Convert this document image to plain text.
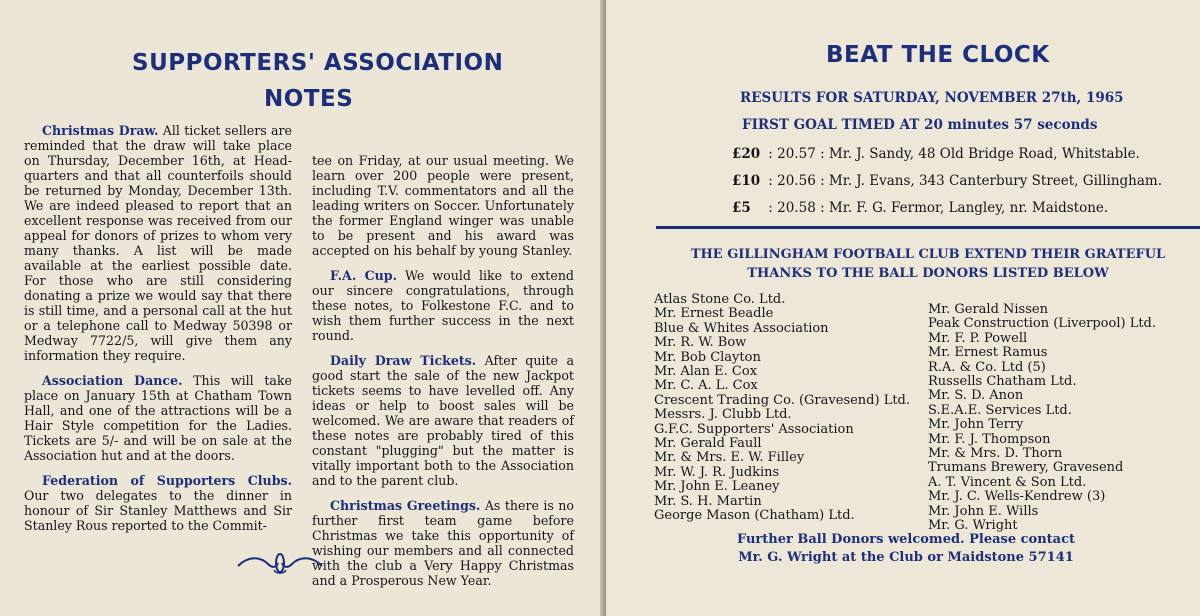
SUPPORTERS' ASSOCIATION
NOTES

Christmas Draw. All ticket sellers are reminded that the draw will take place on Thursday, December 16th, at Head-quarters and that all counterfoils should be returned by Monday, December 13th. We are indeed pleased to report that an excellent response was received from our appeal for donors of prizes to whom very many thanks. A list will be made available at the earliest possible date. For those who are still considering donating a prize we would say that there is still time, and a personal call at the hut or a telephone call to Medway 50398 or Medway 7722/5, will give them any information they require.

Association Dance. This will take place on January 15th at Chatham Town Hall, and one of the attractions will be a Hair Style competition for the Ladies. Tickets are 5/- and will be on sale at the Association hut and at the doors.

Federation of Supporters Clubs. Our two delegates to the dinner in honour of Sir Stanley Matthews and Sir Stanley Rous reported to the Commit-

tee on Friday, at our usual meeting. We learn over 200 people were present, including T.V. commentators and all the leading writers on Soccer. Unfortunately the former England winger was unable to be present and his award was accepted on his behalf by young Stanley.

F.A. Cup. We would like to extend our sincere congratulations, through these notes, to Folkestone F.C. and to wish them further success in the next round.

Daily Draw Tickets. After quite a good start the sale of the new Jackpot tickets seems to have levelled off. Any ideas or help to boost sales will be welcomed. We are aware that readers of these notes are probably tired of this constant "plugging" but the matter is vitally important both to the Association and to the parent club.

Christmas Greetings. As there is no further first team game before Christmas we take this opportunity of wishing our members and all connected with the club a Very Happy Christmas and a Prosperous New Year.

BEAT THE CLOCK
RESULTS FOR SATURDAY, NOVEMBER 27th, 1965
FIRST GOAL TIMED AT 20 minutes 57 seconds
£20 : 20.57 : Mr. J. Sandy, 48 Old Bridge Road, Whitstable.
£10 : 20.56 : Mr. J. Evans, 343 Canterbury Street, Gillingham.
£5 : 20.58 : Mr. F. G. Fermor, Langley, nr. Maidstone.
THE GILLINGHAM FOOTBALL CLUB EXTEND THEIR GRATEFUL
THANKS TO THE BALL DONORS LISTED BELOW
Atlas Stone Co. Ltd.
Mr. Ernest Beadle
Blue & Whites Association
Mr. R. W. Bow
Mr. Bob Clayton
Mr. Alan E. Cox
Mr. C. A. L. Cox
Crescent Trading Co. (Gravesend) Ltd.
Messrs. J. Clubb Ltd.
G.F.C. Supporters' Association
Mr. Gerald Faull
Mr. & Mrs. E. W. Filley
Mr. W. J. R. Judkins
Mr. John E. Leaney
Mr. S. H. Martin
George Mason (Chatham) Ltd.
Mr. Gerald Nissen
Peak Construction (Liverpool) Ltd.
Mr. F. P. Powell
Mr. Ernest Ramus
R.A. & Co. Ltd (5)
Russells Chatham Ltd.
Mr. S. D. Anon
S.E.A.E. Services Ltd.
Mr. John Terry
Mr. F. J. Thompson
Mr. & Mrs. D. Thorn
Trumans Brewery, Gravesend
A. T. Vincent & Son Ltd.
Mr. J. C. Wells-Kendrew (3)
Mr. John E. Wills
Mr. G. Wright
Further Ball Donors welcomed. Please contact
Mr. G. Wright at the Club or Maidstone 57141
